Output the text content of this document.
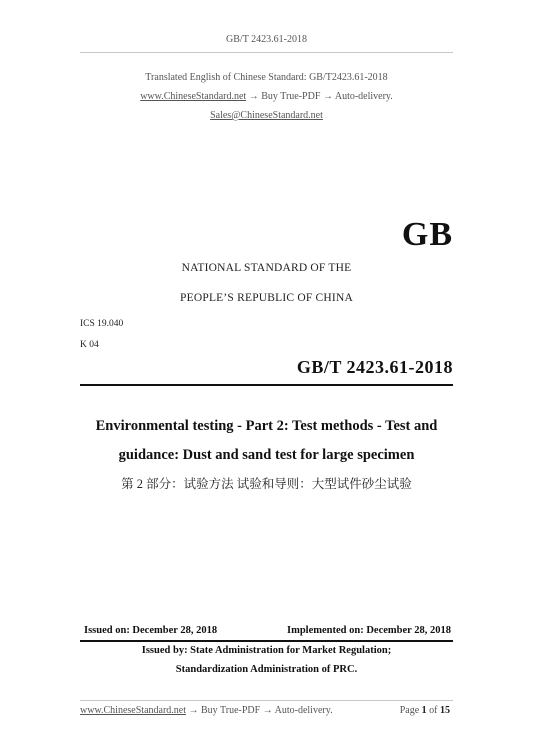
GB/T 2423.61-2018
Translated English of Chinese Standard: GB/T2423.61-2018
www.ChineseStandard.net → Buy True-PDF → Auto-delivery.
Sales@ChineseStandard.net
GB
NATIONAL STANDARD OF THE
PEOPLE’S REPUBLIC OF CHINA
ICS 19.040
K 04
GB/T 2423.61-2018
Environmental testing - Part 2: Test methods - Test and
guidance: Dust and sand test for large specimen
第 2 部分：试验方法 试验和导则：大型试件砂尘试验
Issued on: December 28, 2018	Implemented on: December 28, 2018
Issued by: State Administration for Market Regulation;
Standardization Administration of PRC.
www.ChineseStandard.net → Buy True-PDF → Auto-delivery.	Page 1 of 15
